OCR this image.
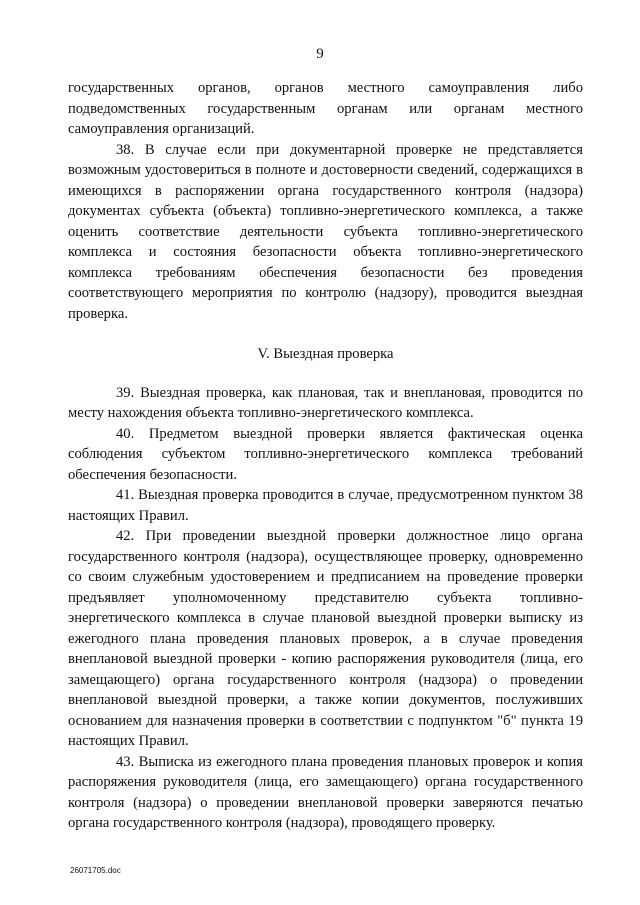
9

государственных органов, органов местного самоуправления либо подведомственных государственным органам или органам местного самоуправления организаций.

38. В случае если при документарной проверке не представляется возможным удостовериться в полноте и достоверности сведений, содержащихся в имеющихся в распоряжении органа государственного контроля (надзора) документах субъекта (объекта) топливно-энергетического комплекса, а также оценить соответствие деятельности субъекта топливно-энергетического комплекса и состояния безопасности объекта топливно-энергетического комплекса требованиям обеспечения безопасности без проведения соответствующего мероприятия по контролю (надзору), проводится выездная проверка.

V. Выездная проверка

39. Выездная проверка, как плановая, так и внеплановая, проводится по месту нахождения объекта топливно-энергетического комплекса.

40. Предметом выездной проверки является фактическая оценка соблюдения субъектом топливно-энергетического комплекса требований обеспечения безопасности.

41. Выездная проверка проводится в случае, предусмотренном пунктом 38 настоящих Правил.

42. При проведении выездной проверки должностное лицо органа государственного контроля (надзора), осуществляющее проверку, одновременно со своим служебным удостоверением и предписанием на проведение проверки предъявляет уполномоченному представителю субъекта топливно-энергетического комплекса в случае плановой выездной проверки выписку из ежегодного плана проведения плановых проверок, а в случае проведения внеплановой выездной проверки - копию распоряжения руководителя (лица, его замещающего) органа государственного контроля (надзора) о проведении внеплановой выездной проверки, а также копии документов, послуживших основанием для назначения проверки в соответствии с подпунктом "б" пункта 19 настоящих Правил.

43. Выписка из ежегодного плана проведения плановых проверок и копия распоряжения руководителя (лица, его замещающего) органа государственного контроля (надзора) о проведении внеплановой проверки заверяются печатью органа государственного контроля (надзора), проводящего проверку.

26071705.doc
